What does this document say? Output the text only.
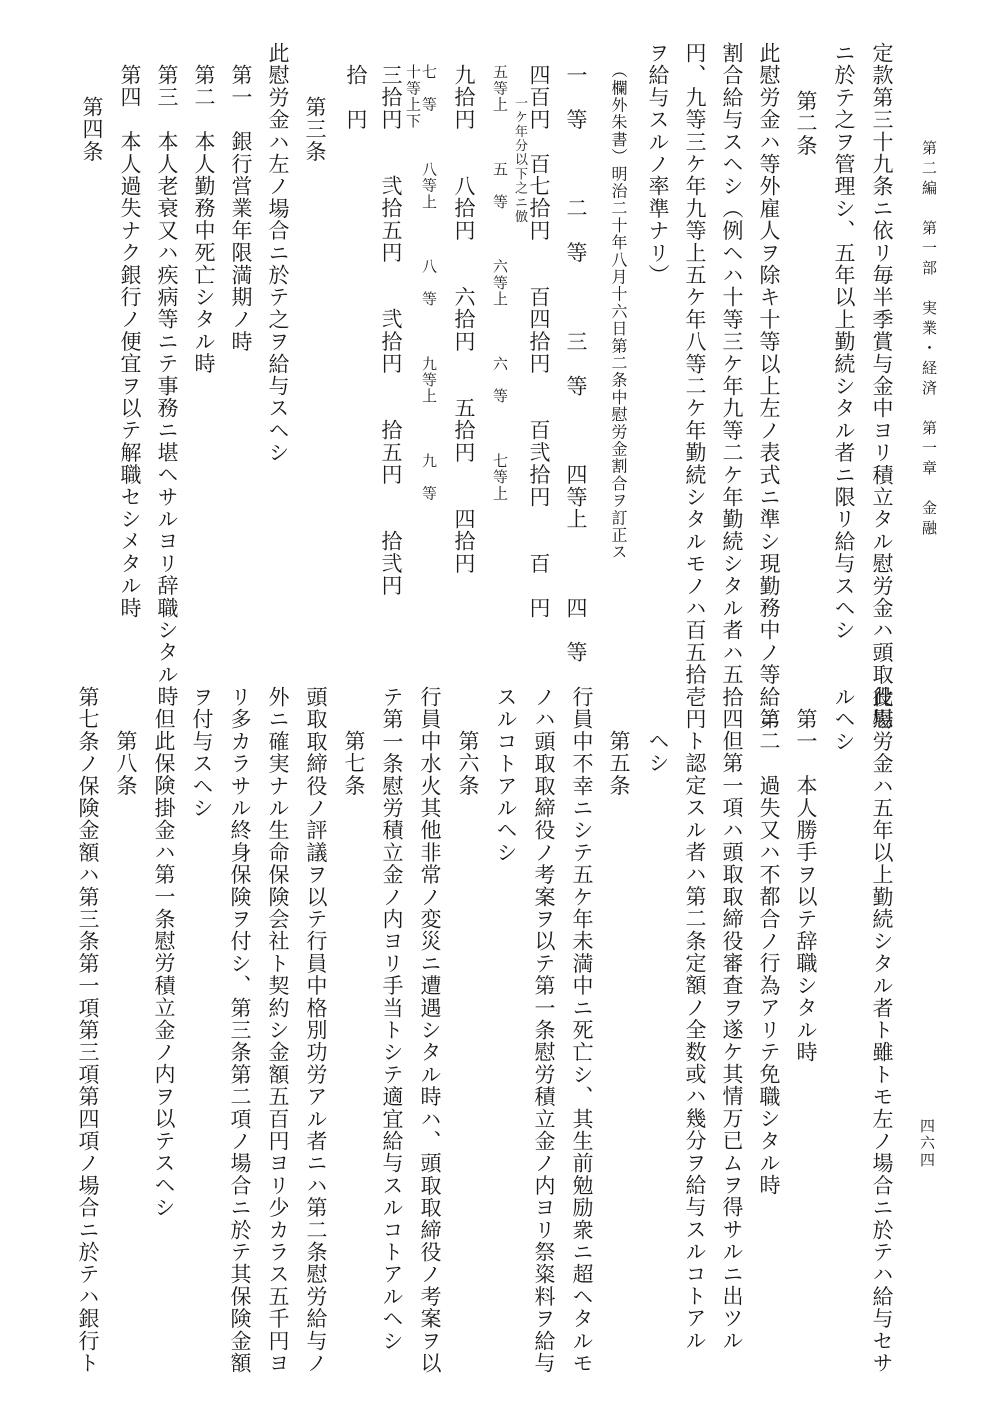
第二編　第一部　実業・経済　第一章　金融
四六四
定款第三十九条ニ依リ毎半季賞与金中ヨリ積立タル慰労金ハ頭取役場
ニ於テ之ヲ管理シ、五年以上勤続シタル者ニ限リ給与スヘシ
第二条
此慰労金ハ等外雇人ヲ除キ十等以上左ノ表式ニ準シ現勤務中ノ等給ニ
割合給与スヘシ（例ヘハ十等三ケ年九等二ケ年勤続シタル者ハ五拾四
円、九等三ケ年九等上五ケ年八等二ケ年勤続シタルモノハ百五拾壱円
ヲ給与スルノ率準ナリ）
（欄外朱書）明治二十年八月十六日第二条中慰労金割合ヲ訂正ス
一　等　　　二　等　　　三　等　　　四等上　　　四　等
四百円　百七拾円　　百四拾円　　百弐拾円　　百　円
一ケ年分以下之ニ倣
五等上　　　五　等　　　六等上　　　六　等　　　七等上
九拾円　　八拾円　　六拾円　　五拾円　　四拾円
七　等　　　八等上　　　八　等　　　九等上　　　九　等
三拾円　　弐拾五円　　弐拾円　　拾五円　　拾弐円 十等上下
拾　円
第三条
此慰労金ハ左ノ場合ニ於テ之ヲ給与スヘシ
第一　銀行営業年限満期ノ時
第二　本人勤務中死亡シタル時
第三　本人老衰又ハ疾病等ニテ事務ニ堪ヘサルヨリ辞職シタル時
第四　本人過失ナク銀行ノ便宜ヲ以テ解職セシメタル時
第四条
此慰労金ハ五年以上勤続シタル者ト雖トモ左ノ場合ニ於テハ給与セサ
ルヘシ
第一　本人勝手ヲ以テ辞職シタル時
第二　過失又ハ不都合ノ行為アリテ免職シタル時
但第一項ハ頭取取締役審査ヲ遂ケ其情万已ムヲ得サルニ出ツル
ト認定スル者ハ第二条定額ノ全数或ハ幾分ヲ給与スルコトアル
ヘシ
第五条
行員中不幸ニシテ五ケ年未満中ニ死亡シ、其生前勉励衆ニ超ヘタルモ
ノハ頭取取締役ノ考案ヲ以テ第一条慰労積立金ノ内ヨリ祭粢料ヲ給与
スルコトアルヘシ
第六条
行員中水火其他非常ノ変災ニ遭遇シタル時ハ、頭取取締役ノ考案ヲ以
テ第一条慰労積立金ノ内ヨリ手当トシテ適宜給与スルコトアルヘシ
第七条
頭取取締役ノ評議ヲ以テ行員中格別功労アル者ニハ第二条慰労給与ノ
外ニ確実ナル生命保険会社ト契約シ金額五百円ヨリ少カラス五千円ヨ
リ多カラサル終身保険ヲ付シ、第三条第二項ノ場合ニ於テ其保険金額
ヲ付与スヘシ
但此保険掛金ハ第一条慰労積立金ノ内ヲ以テスヘシ
第八条
第七条ノ保険金額ハ第三条第一項第三項第四項ノ場合ニ於テハ銀行ト
